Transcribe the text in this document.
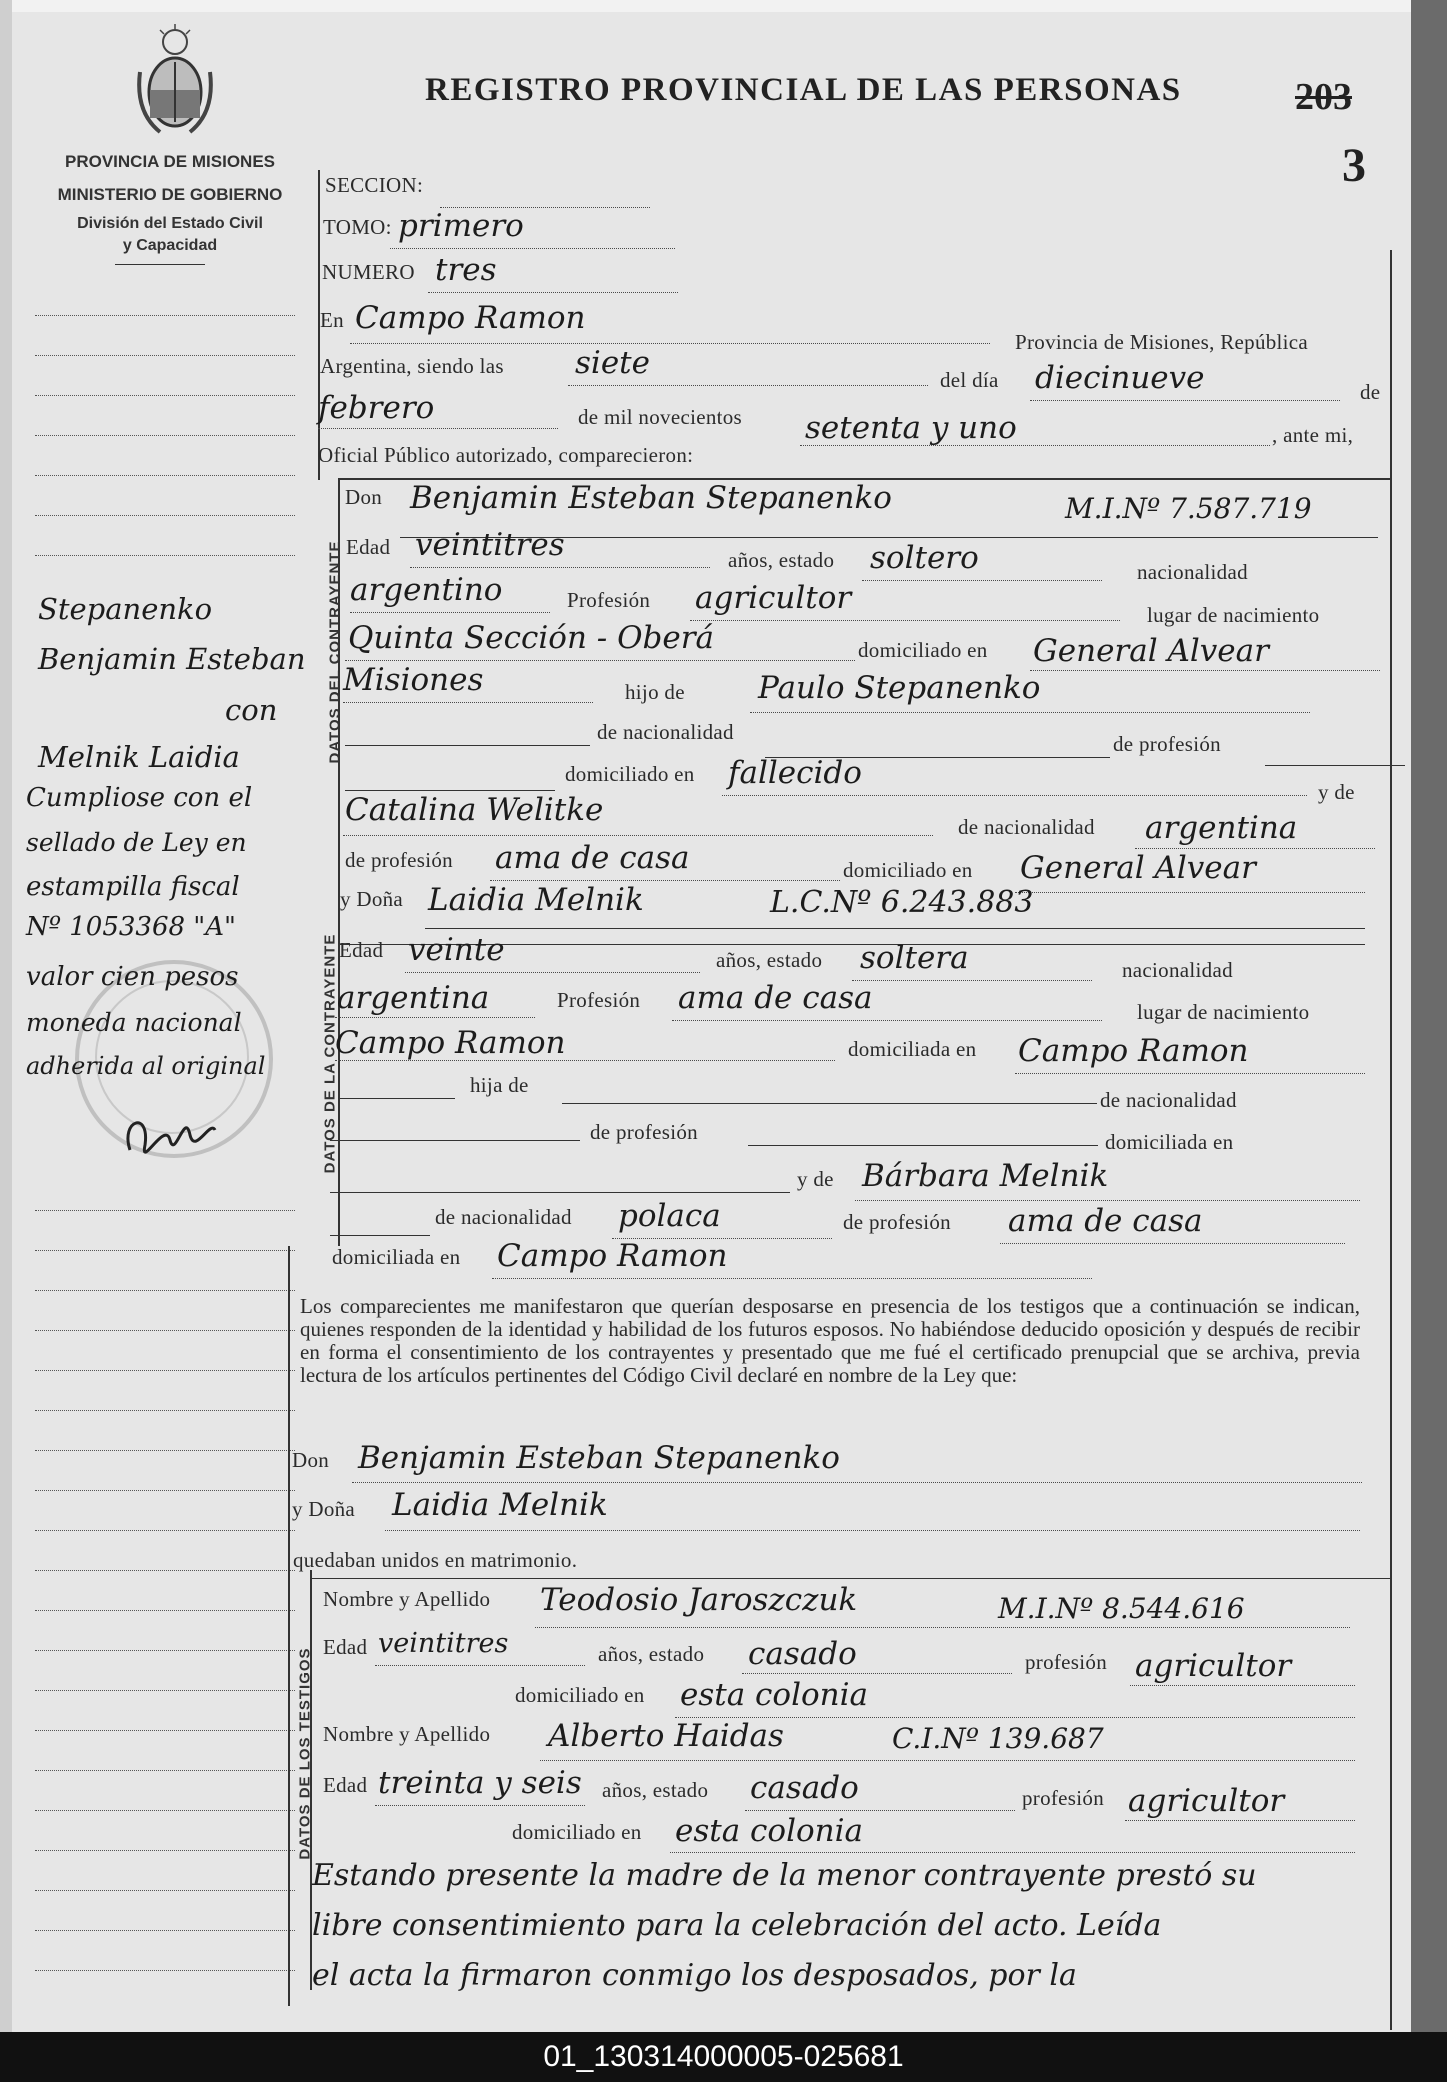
PROVINCIA DE MISIONES
MINISTERIO DE GOBIERNO
División del Estado Civil
y Capacidad
REGISTRO PROVINCIAL DE LAS PERSONAS	203
3
Stepanenko
Benjamin Esteban
con
Melnik Laidia
Cumpliose con el
sellado de Ley en
estampilla fiscal
Nº 1053368 "A"
valor cien pesos
moneda nacional
adherida al original
DATOS DEL CONTRAYENTE
DATOS DE LA CONTRAYENTE
DATOS DE LOS TESTIGOS
SECCION:
TOMO: primero
NUMERO tres
En Campo Ramon
Provincia de Misiones, República
Argentina, siendo las siete	del día diecinueve	de
febrero	de mil novecientos setenta y uno	, ante mi,
Oficial Público autorizado, comparecieron:
Don Benjamin Esteban Stepanenko	M.I.Nº 7.587.719
Edad veintitres	años, estado soltero	nacionalidad
argentino	Profesión agricultor	lugar de nacimiento
Quinta Sección - Oberá	domiciliado en General Alvear
Misiones	hijo de Paulo Stepanenko
de nacionalidad	de profesión
domiciliado en fallecido
y de
Catalina Welitke	de nacionalidad argentina
de profesión ama de casa	domiciliado en General Alvear
y Doña Laidia Melnik	L.C.Nº 6.243.883
Edad veinte	años, estado soltera	nacionalidad
argentina	Profesión ama de casa	lugar de nacimiento
Campo Ramon	domiciliada en Campo Ramon
hija de
de nacionalidad
de profesión	domiciliada en
y de Bárbara Melnik
de nacionalidad polaca	de profesión ama de casa
domiciliada en Campo Ramon
Los comparecientes me manifestaron que querían desposarse en presencia de los testigos que a continuación se indican, quienes responden de la identidad y habilidad de los futuros esposos. No habiéndose deducido oposición y después de recibir en forma el consentimiento de los contrayentes y presentado que me fué el certificado prenupcial que se archiva, previa lectura de los artículos pertinentes del Código Civil declaré en nombre de la Ley que:
Don Benjamin Esteban Stepanenko
y Doña Laidia Melnik
quedaban unidos en matrimonio.
Nombre y Apellido Teodosio Jaroszczuk	M.I.Nº 8.544.616
Edad veintitres	años, estado casado	profesión agricultor
domiciliado en esta colonia
Nombre y Apellido Alberto Haidas	C.I.Nº 139.687
Edad treinta y seis años, estado casado	profesión agricultor
domiciliado en esta colonia
Estando presente la madre de la menor contrayente prestó su
libre consentimiento para la celebración del acto. Leída
el acta la firmaron conmigo los desposados, por la
01_130314000005-025681
